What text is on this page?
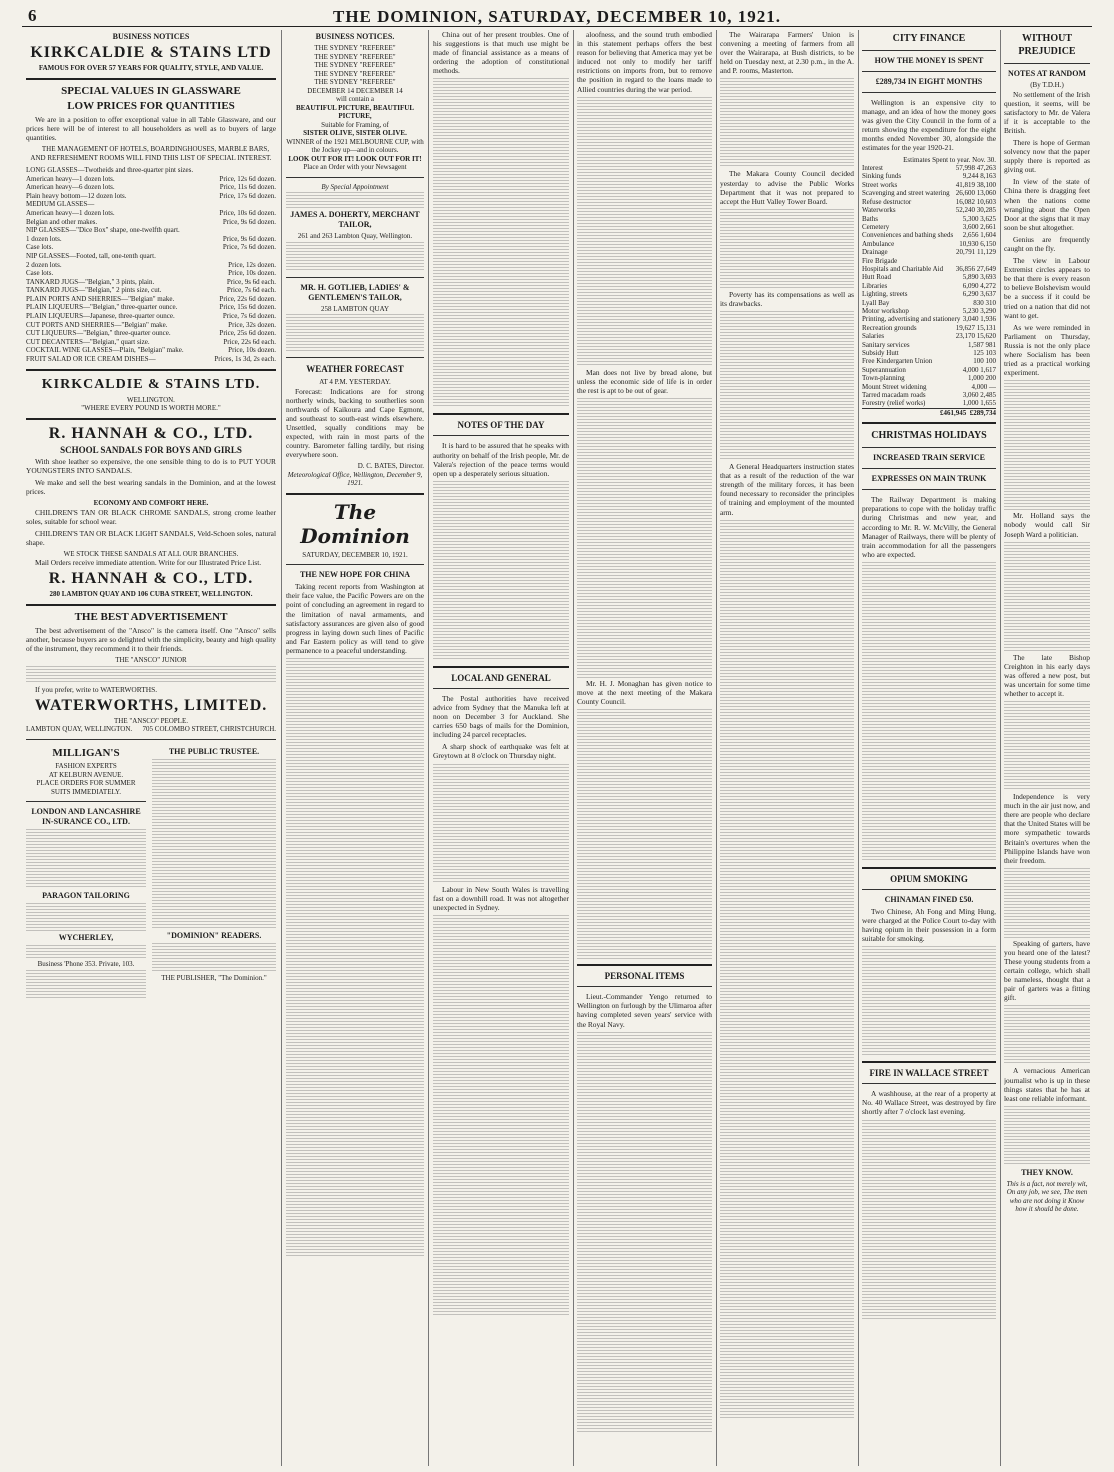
6	THE DOMINION, SATURDAY, DECEMBER 10, 1921.
BUSINESS NOTICES
KIRKCALDIE & STAINS LTD
FAMOUS FOR OVER 57 YEARS FOR QUALITY, STYLE, AND VALUE.
SPECIAL VALUES IN GLASSWARE
LOW PRICES FOR QUANTITIES

We are in a position to offer exceptional value in all Table Glassware, and our prices here will be of interest to all householders as well as to buyers of large quantities.

THE MANAGEMENT OF HOTELS, BOARDINGHOUSES, MARBLE BARS, AND REFRESHMENT ROOMS WILL FIND THIS LIST OF SPECIAL INTEREST.

LONG GLASSES—Twotheids and three-quarter pint sizes.
American heavy—1 dozen lots.	Price, 12s 6d dozen.
American heavy—6 dozen lots.	Price, 11s 6d dozen.
Plain heavy bottom—12 dozen lots.	Price, 17s 6d dozen.
MEDIUM GLASSES—
American heavy—1 dozen lots.	Price, 10s 6d dozen.
Belgian and other makes.	Price, 9s 6d dozen.
NIP GLASSES—"Dice Box" shape, one-twelfth quart.
1 dozen lots.	Price, 9s 6d dozen.
Case lots.	Price, 7s 6d dozen.
NIP GLASSES—Footed, tall, one-tenth quart.
2 dozen lots.	Price, 12s dozen.
Case lots.	Price, 10s dozen.
TANKARD JUGS—"Belgian," 3 pints, plain.	Price, 9s 6d each.
TANKARD JUGS—"Belgian," 2 pints size, cut.	Price, 7s 6d each.
PLAIN PORTS AND SHERRIES—"Belgian" make.	Price, 22s 6d dozen.
PLAIN LIQUEURS—"Belgian," three-quarter ounce.	Price, 15s 6d dozen.
PLAIN LIQUEURS—Japanese, three-quarter ounce.	Price, 7s 6d dozen.
CUT PORTS AND SHERRIES—"Belgian" make.	Price, 32s dozen.
CUT LIQUEURS—"Belgian," three-quarter ounce.	Price, 25s 6d dozen.
CUT DECANTERS—"Belgian," quart size.	Price, 22s 6d each.
COCKTAIL WINE GLASSES—Plain, "Belgian" make.	Price, 10s dozen.
FRUIT SALAD OR ICE CREAM DISHES—	Prices, 1s 3d, 2s each.
KIRKCALDIE & STAINS LTD.
WELLINGTON.
"WHERE EVERY POUND IS WORTH MORE."
R. HANNAH & CO., LTD.
SCHOOL SANDALS FOR BOYS AND GIRLS

With shoe leather so expensive, the one sensible thing to do is to PUT YOUR YOUNGSTERS INTO SANDALS.

We make and sell the best wearing sandals in the Dominion, and at the lowest prices.

ECONOMY AND COMFORT HERE.

CHILDREN'S TAN OR BLACK CHROME SANDALS, strong crome leather soles, suitable for school wear.

CHILDREN'S TAN OR BLACK LIGHT SANDALS, Veld-Schoen soles, natural shape.

WE STOCK THESE SANDALS AT ALL OUR BRANCHES.

Mail Orders receive immediate attention. Write for our Illustrated Price List.

R. HANNAH & CO., LTD.
280 LAMBTON QUAY AND 106 CUBA STREET, WELLINGTON.
THE BEST ADVERTISEMENT

The best advertisement of the "Ansco" is the camera itself. One "Ansco" sells another, because buyers are so delighted with the simplicity, beauty and high quality of the instrument, they recommend it to their friends.

THE "ANSCO" JUNIOR

If you prefer, write to WATERWORTHS.

WATERWORTHS, LIMITED.
THE "ANSCO" PEOPLE.
LAMBTON QUAY, WELLINGTON. 705 COLOMBO STREET, CHRISTCHURCH.
MILLIGAN'S
FASHION EXPERTS
AT KELBURN AVENUE.
PLACE ORDERS FOR SUMMER SUITS IMMEDIATELY.
LONDON AND LANCASHIRE IN-SURANCE CO., LTD.
PARAGON TAILORING
WYCHERLEY,
Business 'Phone 353. Private, 103.
THE PUBLIC TRUSTEE.
"DOMINION" READERS.
THE PUBLISHER, "The Dominion."
BUSINESS NOTICES.
THE SYDNEY "REFEREE"
THE SYDNEY "REFEREE"
THE SYDNEY "REFEREE"
THE SYDNEY "REFEREE"
THE SYDNEY "REFEREE"
DECEMBER 14 DECEMBER 14
will contain a
BEAUTIFUL PICTURE, BEAUTIFUL PICTURE,
Suitable for Framing, of
SISTER OLIVE, SISTER OLIVE.
WINNER of the 1921 MELBOURNE CUP, with the Jockey up—and in colours.
LOOK OUT FOR IT! LOOK OUT FOR IT!
Place an Order with your Newsagent
By Special Appointment
JAMES A. DOHERTY, MERCHANT TAILOR,
261 and 263 Lambton Quay, Wellington.
MR. H. GOTLIEB, LADIES' & GENTLEMEN'S TAILOR,
258 LAMBTON QUAY
WEATHER FORECAST
AT 4 P.M. YESTERDAY.

Forecast: Indications are for strong northerly winds, backing to southerlies soon northwards of Kaikoura and Cape Egmont, and southeast to south-east winds elsewhere. Unsettled, squally conditions may be expected, with rain in most parts of the country. Barometer falling tardily, but rising everywhere soon.

D. C. BATES, Director.
Meteorological Office, Wellington, December 9, 1921.
The Dominion
SATURDAY, DECEMBER 10, 1921.
THE NEW HOPE FOR CHINA

Taking recent reports from Washington at their face value, the Pacific Powers are on the point of concluding an agreement in regard to the limitation of naval armaments, and satisfactory assurances are given also of good progress in laying down such lines of Pacific and Far Eastern policy as will tend to give permanence to a peaceful understanding.

China out of her present troubles. One of his suggestions is that much use might be made of financial assistance as a means of ordering the adoption of constitutional methods.

NOTES OF THE DAY

It is hard to be assured that he speaks with authority on behalf of the Irish people, Mr. de Valera's rejection of the peace terms would open up a desperately serious situation.

LOCAL AND GENERAL

The Postal authorities have received advice from Sydney that the Manuka left at noon on December 3 for Auckland. She carries 650 bags of mails for the Dominion, including 24 parcel receptacles.

A sharp shock of earthquake was felt at Greytown at 8 o'clock on Thursday night.

Labour in New South Wales is travelling fast on a downhill road. It was not altogether unexpected in Sydney.

aloofness, and the sound truth embodied in this statement perhaps offers the best reason for believing that America may yet be induced not only to modify her tariff restrictions on imports from, but to remove the position in regard to the loans made to Allied countries during the war period.

Man does not live by bread alone, but unless the economic side of life is in order the rest is apt to be out of gear.

Mr. H. J. Monaghan has given notice to move at the next meeting of the Makara County Council.

PERSONAL ITEMS

Lieut.-Commander Yengo returned to Wellington on furlough by the Ulimaroa after having completed seven years' service with the Royal Navy.

The Wairarapa Farmers' Union is convening a meeting of farmers from all over the Wairarapa, at Bush districts, to be held on Tuesday next, at 2.30 p.m., in the A. and P. rooms, Masterton.

The Makara County Council decided yesterday to advise the Public Works Department that it was not prepared to accept the Hutt Valley Tower Board.

Poverty has its compensations as well as its drawbacks.

A General Headquarters instruction states that as a result of the reduction of the war strength of the military forces, it has been found necessary to reconsider the principles of training and employment of the mounted arm.

CITY FINANCE
HOW THE MONEY IS SPENT
£289,734 IN EIGHT MONTHS

Wellington is an expensive city to manage, and an idea of how the money goes was given the City Council in the form of a return showing the expenditure for the eight months ended November 30, alongside the estimates for the year 1920-21.

Estimates Spent to year. Nov. 30.
Interest	57,998 47,263
Sinking funds	9,244 8,163
Street works	41,819 38,100
Scavenging and street watering 26,600 13,060
Refuse destructor	16,082 10,603
Waterworks	52,240 30,285
Baths	5,300 3,625
Cemetery	3,600 2,661
Conveniences and bathing sheds 2,656 1,604
Ambulance	10,930 6,150
Drainage	20,791 11,129
Fire Brigade
Hospitals and Charitable Aid 36,856 27,649
Hutt Road	5,890 3,693
Libraries	6,090 4,272
Lighting, streets	6,290 3,637
Lyall Bay	830 310
Motor workshop	5,230 3,290
Printing, advertising and stationery 3,040 1,936
Recreation grounds	19,627 15,131
Salaries	23,170 15,620
Sanitary services	1,587 981
Subsidy Hutt	125 103
Free Kindergarten Union	100 100
Superannuation	4,000 1,617
Town-planning	1,000 200
Mount Street widening	4,000 —
Tarred macadam roads	3,060 2,485
Forestry (relief works)	1,000 1,655
£461,945 £289,734
CHRISTMAS HOLIDAYS
INCREASED TRAIN SERVICE
EXPRESSES ON MAIN TRUNK

The Railway Department is making preparations to cope with the holiday traffic during Christmas and new year, and according to Mr. R. W. McVilly, the General Manager of Railways, there will be plenty of train accommodation for all the passengers who are expected.

OPIUM SMOKING
CHINAMAN FINED £50.

Two Chinese, Ah Fong and Ming Hung, were charged at the Police Court to-day with having opium in their possession in a form suitable for smoking.

FIRE IN WALLACE STREET

A washhouse, at the rear of a property at No. 40 Wallace Street, was destroyed by fire shortly after 7 o'clock last evening.

WITHOUT PREJUDICE
NOTES AT RANDOM
(By T.D.H.)

No settlement of the Irish question, it seems, will be satisfactory to Mr. de Valera if it is acceptable to the British.

There is hope of German solvency now that the paper supply there is reported as giving out.

In view of the state of China there is dragging feet when the nations come wrangling about the Open Door at the signs that it may soon be shut altogether.

Genius are frequently caught on the fly.

The view in Labour Extremist circles appears to be that there is every reason to believe Bolshevism would be a success if it could be tried on a nation that did not want to get.

As we were reminded in Parliament on Thursday, Russia is not the only place where Socialism has been tried as a practical working experiment.

Mr. Holland says the nobody would call Sir Joseph Ward a politician.

The late Bishop Creighton in his early days was offered a new post, but was uncertain for some time whether to accept it.

Independence is very much in the air just now, and there are people who declare that the United States will be more sympathetic towards Britain's overtures when the Philippine Islands have won their freedom.

Speaking of garters, have you heard one of the latest? These young students from a certain college, which shall be nameless, thought that a pair of garters was a fitting gift.

A vernacious American journalist who is up in these things states that he has at least one reliable informant.

THEY KNOW.
This is a fact, not merely wit, On any job, we see, The men who are not doing it Know how it should be done.
